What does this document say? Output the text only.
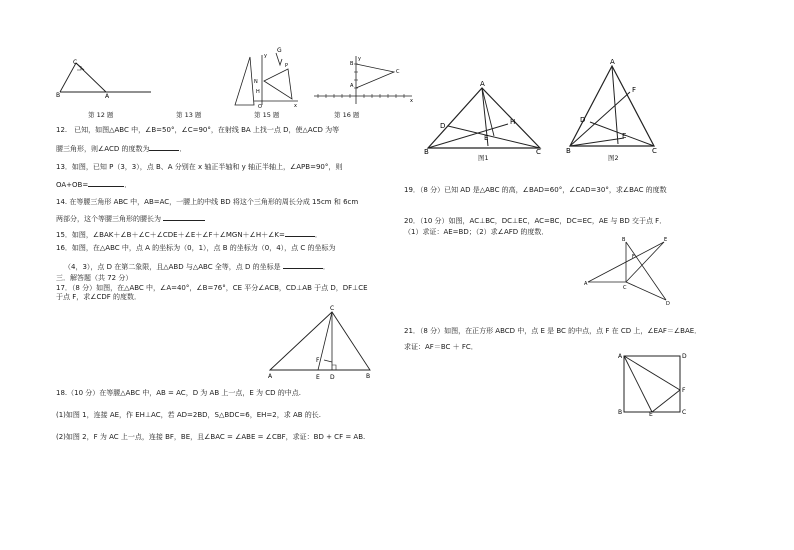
C
B	A
第 12 题
G
y
x
O
P
N
H
第 13 题	第 15 题
B
C
A
y
x
第 16 题
12.　已知，如图△ABC 中，∠B=50°，∠C=90°，在射线 BA 上找一点 D，使△ACD 为等
腰三角形，则∠ACD 的度数为	．
13．如图，已知 P（3，3），点 B、A 分别在 x 轴正半轴和 y 轴正半轴上，∠APB=90°，则
OA+OB=	．
14. 在等腰三角形 ABC 中，AB=AC，一腰上的中线 BD 将这个三角形的周长分成 15cm 和 6cm
两部分，这个等腰三角形的腰长为
15．如图，∠BAK＋∠B＋∠C＋∠CDE＋∠E＋∠F＋∠MGN＋∠H＋∠K=	．
16．如图，在△ABC 中，点 A 的坐标为（0，1），点 B 的坐标为（0，4），点 C 的坐标为
（4，3），点 D 在第二象限，且△ABD 与△ABC 全等，点 D 的坐标是	．
三．解答题（共 72 分）
17．（8 分）如图，在△ABC 中，∠A=40°，∠B=76°，CE 平分∠ACB，CD⊥AB 于点 D，DF⊥CE
于点 F，求∠CDF 的度数．
C
A	B
E D
F
18.（10 分）在等腰△ABC 中，AB = AC，D 为 AB 上一点，E 为 CD 的中点.
(1)如图 1，连接 AE，作 EH⊥AC，若 AD=2BD，S△BDC=6，EH=2，求 AB 的长.
(2)如图 2，F 为 AC 上一点，连接 BF，BE，且∠BAC = ∠ABE = ∠CBF，求证：BD + CF = AB.
A
B	C
D	H
E
图1
A
B	C
D
F
E
图2
19．（8 分）已知 AD 是△ABC 的高，∠BAD=60°，∠CAD=30°，求∠BAC 的度数
20．（10 分）如图，AC⊥BC，DC⊥EC，AC=BC，DC=EC，AE 与 BD 交于点 F．
（1）求证：AE=BD；（2）求∠AFD 的度数．
B	E
A
C
D
F
21．（8 分）如图，在正方形 ABCD 中，点 E 是 BC 的中点，点 F 在 CD 上，∠EAF＝∠BAE．
求证：AF＝BC ＋ FC．
A	D
B	C
F
E
